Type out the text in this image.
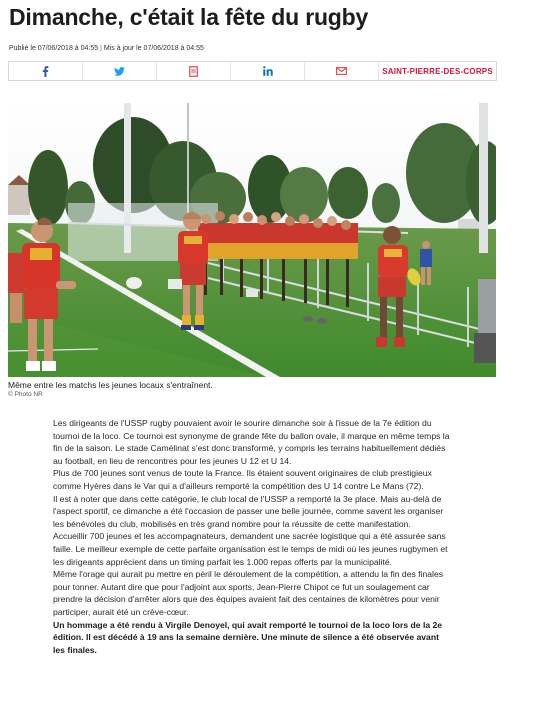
Dimanche, c'était la fête du rugby
Publié le 07/06/2018 à 04:55 | Mis à jour le 07/06/2018 à 04:55
SAINT-PIERRE-DES-CORPS
Même entre les matchs les jeunes locaux s'entraînent.
© Photo NR

Les dirigeants de l'USSP rugby pouvaient avoir le sourire dimanche soir à l'issue de la 7e édition du tournoi de la loco. Ce tournoi est synonyme de grande fête du ballon ovale, il marque en même temps la fin de la saison. Le stade Camélinat s'est donc transformé, y compris les terrains habituellement dédiés au football, en lieu de rencontres pour les jeunes U 12 et U 14.

Plus de 700 jeunes sont venus de toute la France. Ils étaient souvent originaires de club prestigieux comme Hyères dans le Var qui a d'ailleurs remporté la compétition des U 14 contre Le Mans (72).

Il est à noter que dans cette catégorie, le club local de l'USSP a remporté la 3e place. Mais au-delà de l'aspect sportif, ce dimanche a été l'occasion de passer une belle journée, comme savent les organiser les bénévoles du club, mobilisés en très grand nombre pour la réussite de cette manifestation.

Accueillir 700 jeunes et les accompagnateurs, demandent une sacrée logistique qui a été assurée sans faille. Le meilleur exemple de cette parfaite organisation est le temps de midi où les jeunes rugbymen et les dirigeants apprécient dans un timing parfait les 1.000 repas offerts par la municipalité.

Même l'orage qui aurait pu mettre en péril le déroulement de la compétition, a attendu la fin des finales pour tonner. Autant dire que pour l'adjoint aux sports, Jean-Pierre Chipot ce fut un soulagement car prendre la décision d'arrêter alors que des équipes avaient fait des centaines de kilomètres pour venir participer, aurait été un crève-cœur.

Un hommage a été rendu à Virgile Denoyel, qui avait remporté le tournoi de la loco lors de la 2e édition. Il est décédé à 19 ans la semaine dernière. Une minute de silence a été observée avant les finales.
